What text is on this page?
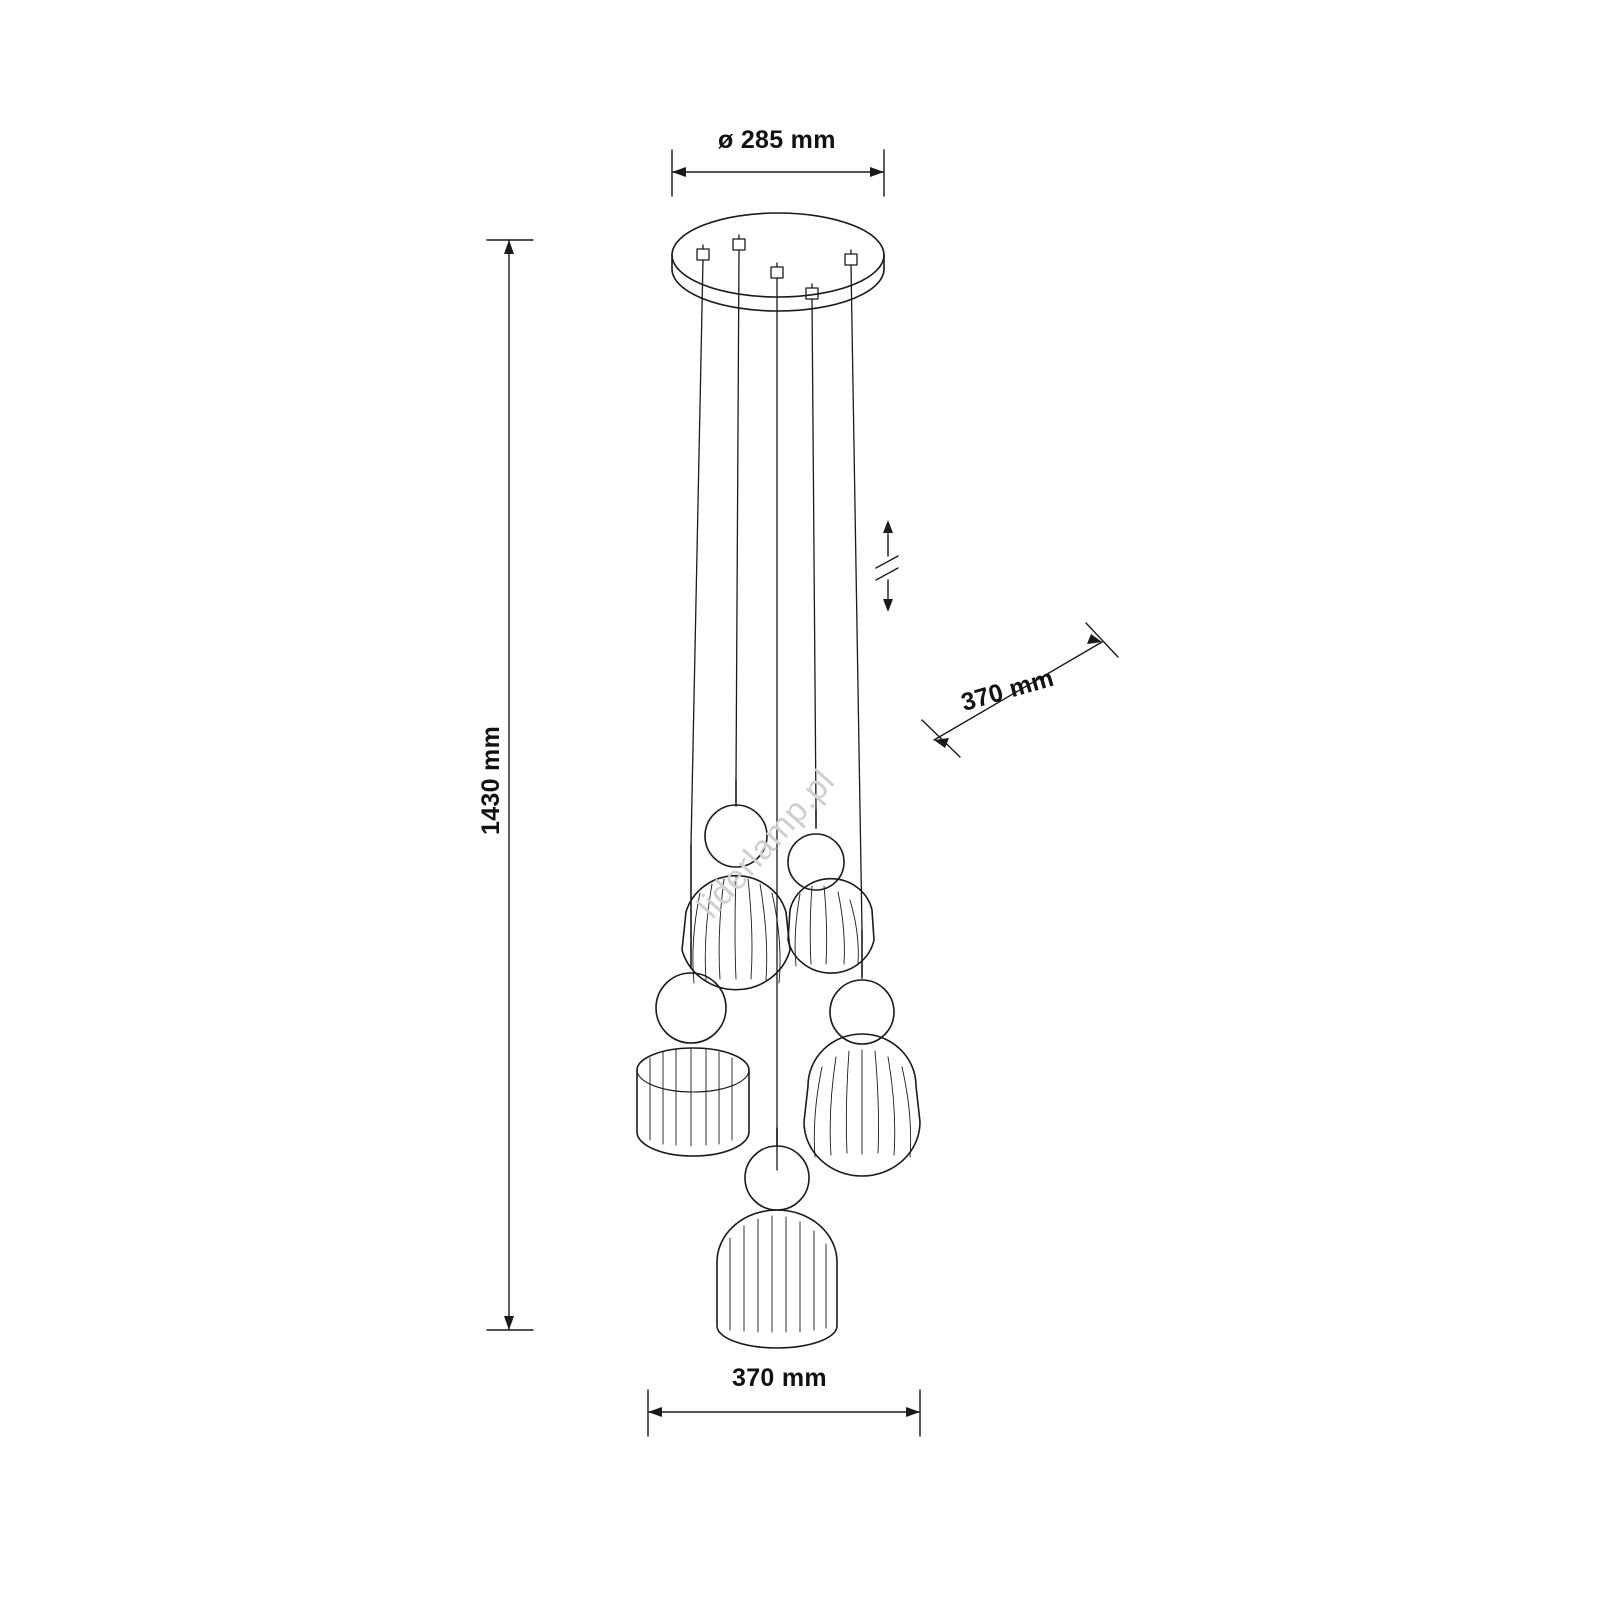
ø 285 mm
1430 mm
370 mm
370 mm
liderlamp.pl
